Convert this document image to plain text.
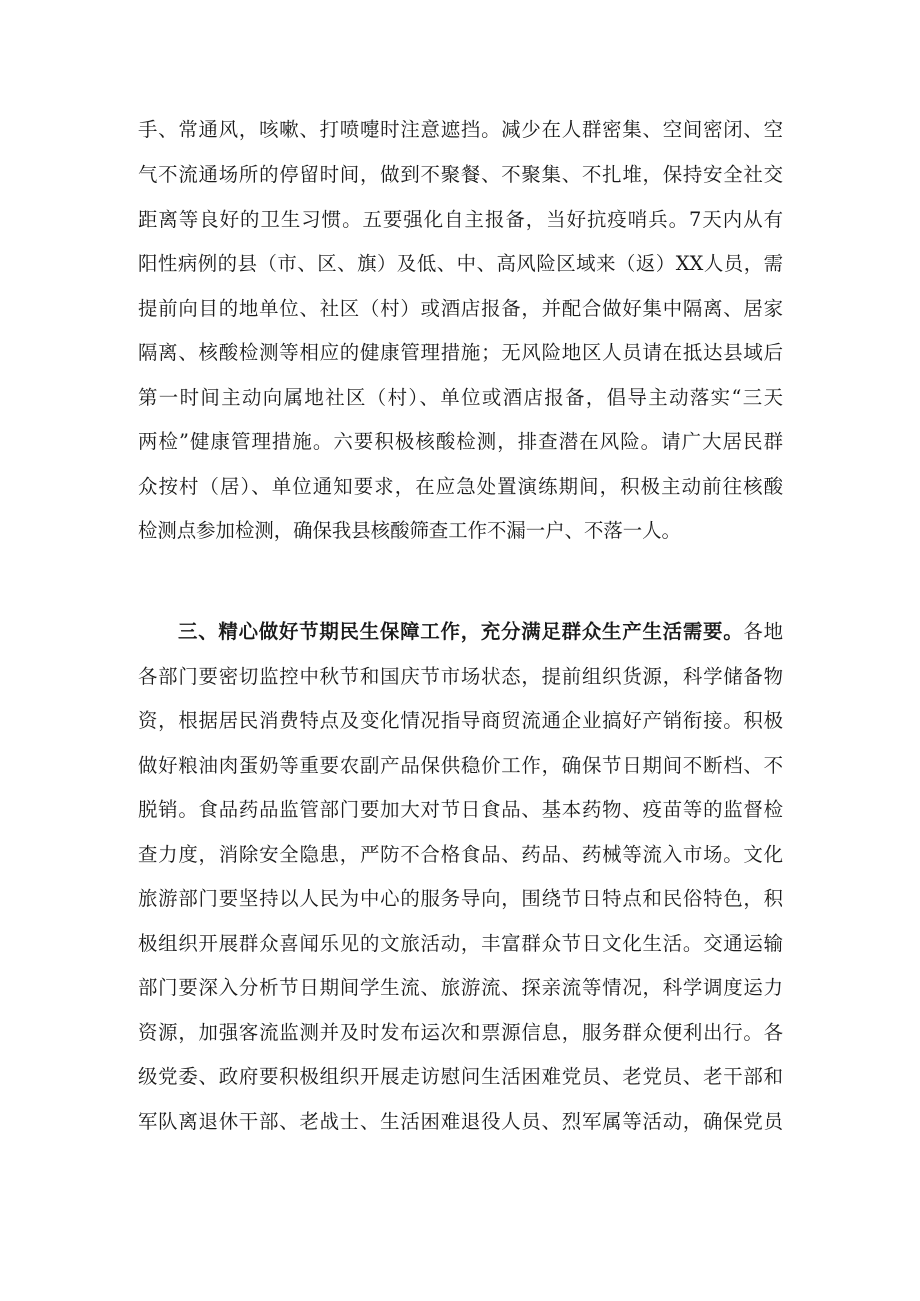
手、常通风，咳嗽、打喷嚏时注意遮挡。减少在人群密集、空间密闭、空
气不流通场所的停留时间，做到不聚餐、不聚集、不扎堆，保持安全社交
距离等良好的卫生习惯。五要强化自主报备，当好抗疫哨兵。7天内从有
阳性病例的县（市、区、旗）及低、中、高风险区域来（返）XX人员，需
提前向目的地单位、社区（村）或酒店报备，并配合做好集中隔离、居家
隔离、核酸检测等相应的健康管理措施；无风险地区人员请在抵达县域后
第一时间主动向属地社区（村）、单位或酒店报备，倡导主动落实“三天
两检”健康管理措施。六要积极核酸检测，排查潜在风险。请广大居民群
众按村（居）、单位通知要求，在应急处置演练期间，积极主动前往核酸
检测点参加检测，确保我县核酸筛查工作不漏一户、不落一人。
三、精心做好节期民生保障工作，充分满足群众生产生活需要。各地
各部门要密切监控中秋节和国庆节市场状态，提前组织货源，科学储备物
资，根据居民消费特点及变化情况指导商贸流通企业搞好产销衔接。积极
做好粮油肉蛋奶等重要农副产品保供稳价工作，确保节日期间不断档、不
脱销。食品药品监管部门要加大对节日食品、基本药物、疫苗等的监督检
查力度，消除安全隐患，严防不合格食品、药品、药械等流入市场。文化
旅游部门要坚持以人民为中心的服务导向，围绕节日特点和民俗特色，积
极组织开展群众喜闻乐见的文旅活动，丰富群众节日文化生活。交通运输
部门要深入分析节日期间学生流、旅游流、探亲流等情况，科学调度运力
资源，加强客流监测并及时发布运次和票源信息，服务群众便利出行。各
级党委、政府要积极组织开展走访慰问生活困难党员、老党员、老干部和
军队离退休干部、老战士、生活困难退役人员、烈军属等活动，确保党员
